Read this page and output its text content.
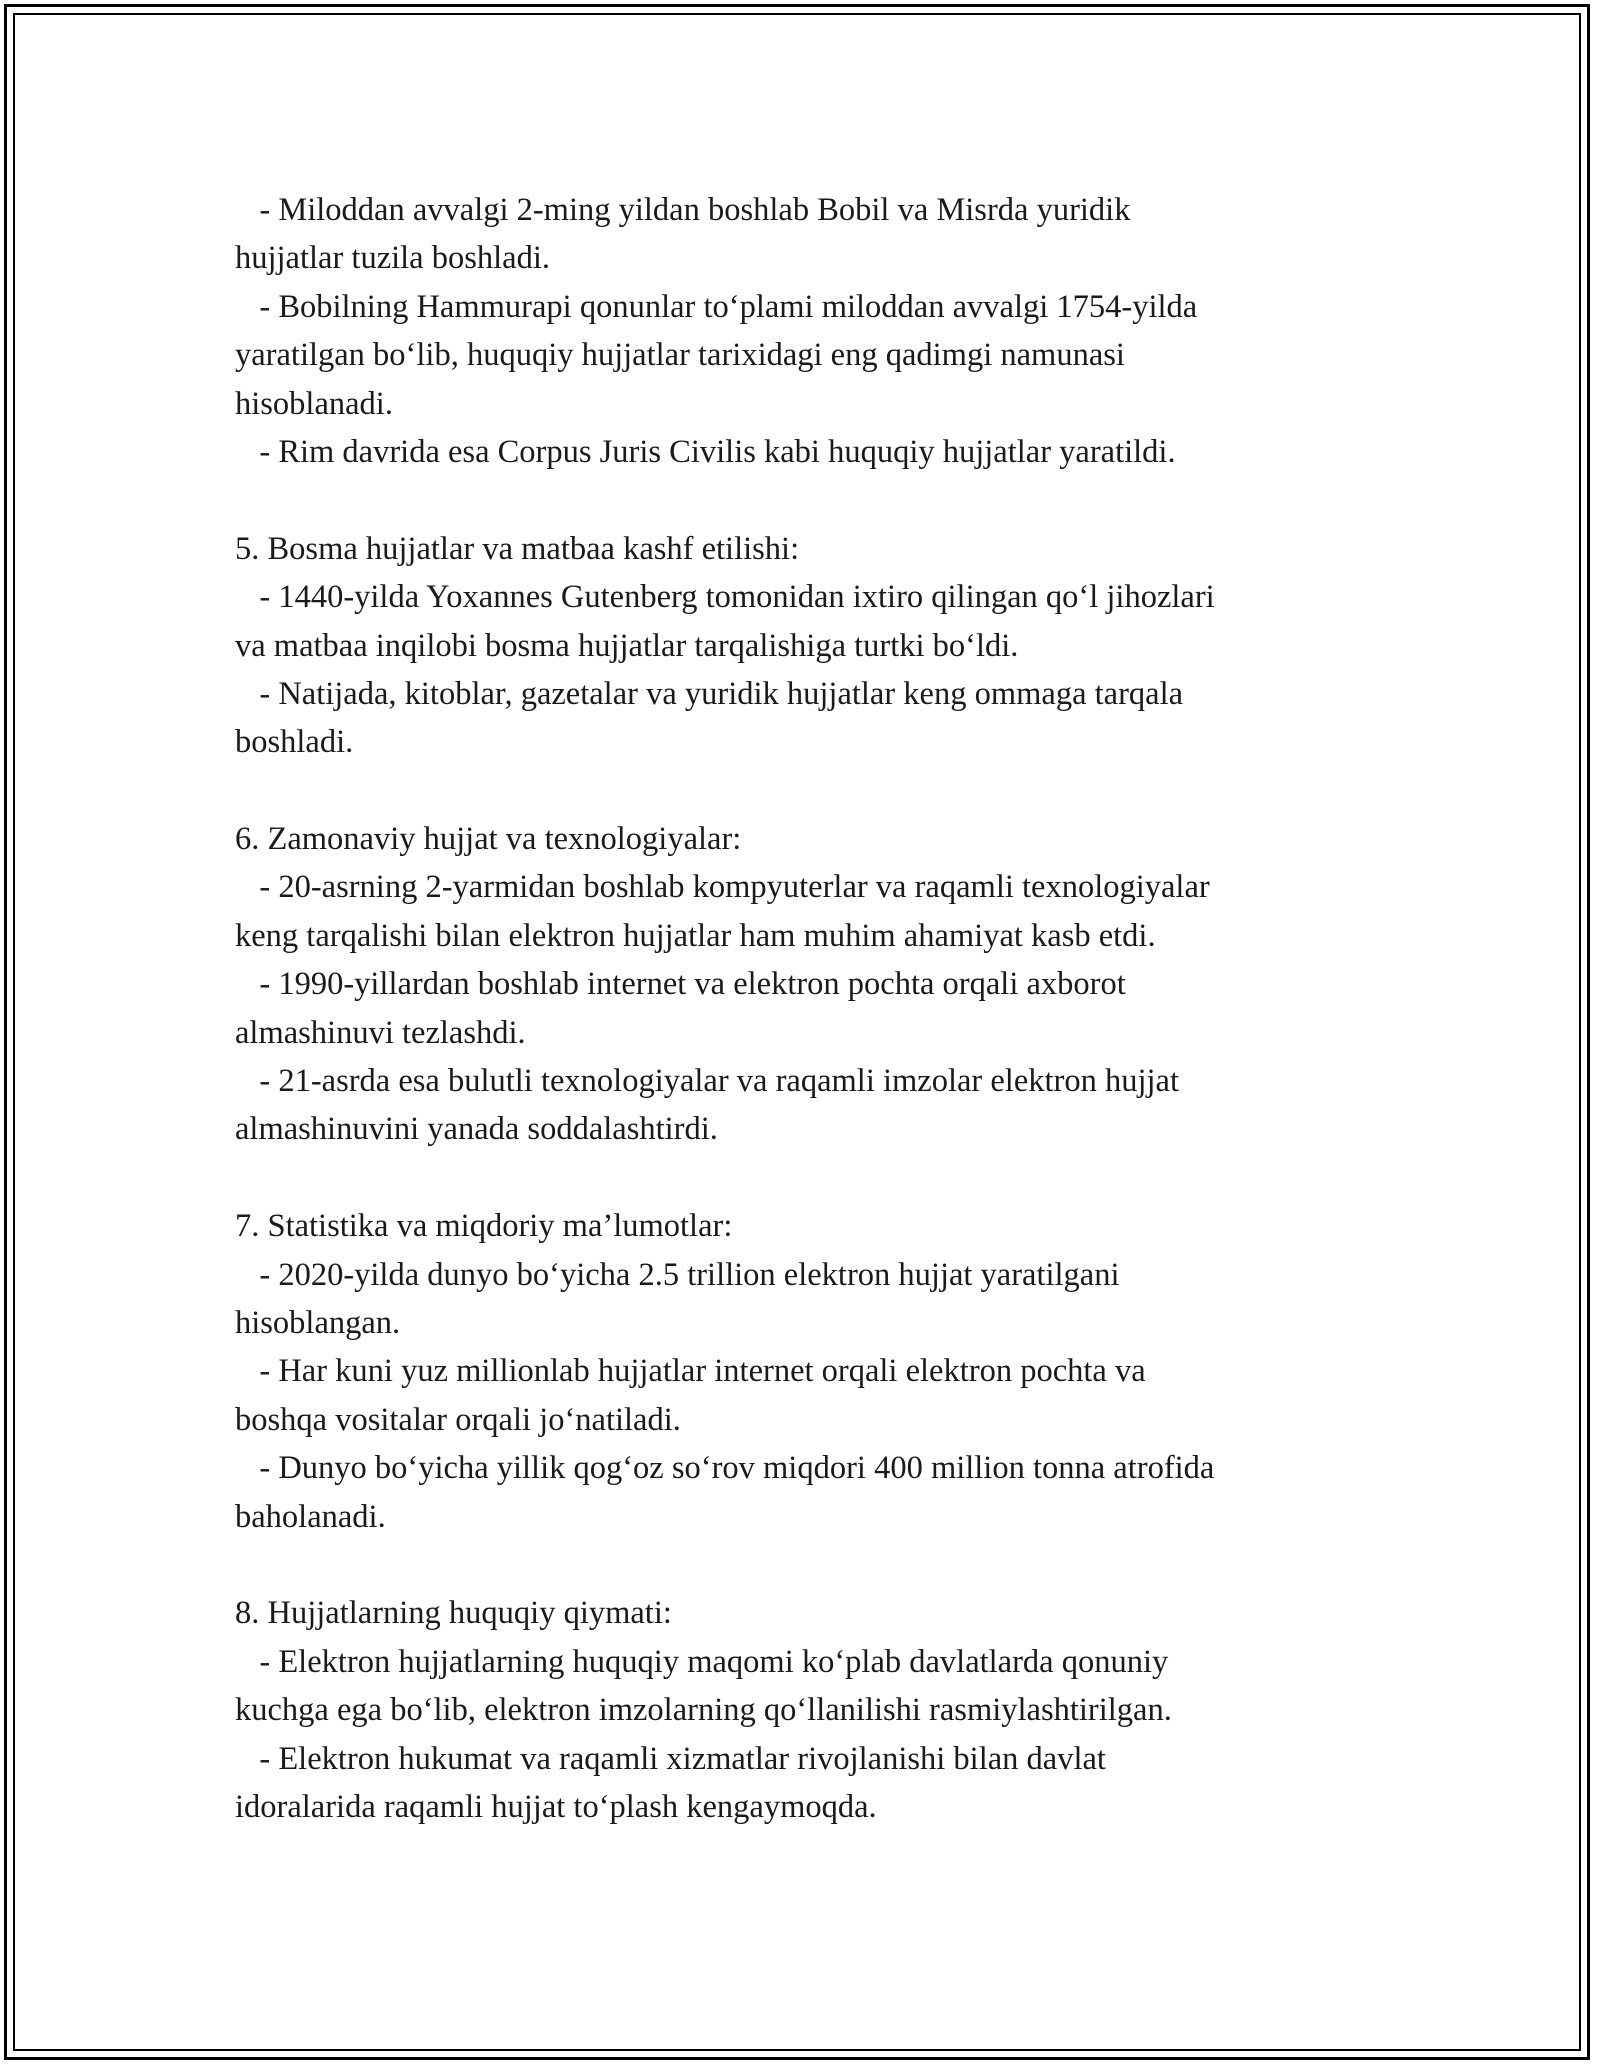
- Miloddan avvalgi 2-ming yildan boshlab Bobil va Misrda yuridik
hujjatlar tuzila boshladi.
- Bobilning Hammurapi qonunlar to‘plami miloddan avvalgi 1754-yilda
yaratilgan bo‘lib, huquqiy hujjatlar tarixidagi eng qadimgi namunasi
hisoblanadi.
- Rim davrida esa Corpus Juris Civilis kabi huquqiy hujjatlar yaratildi.
5. Bosma hujjatlar va matbaa kashf etilishi:
- 1440-yilda Yoxannes Gutenberg tomonidan ixtiro qilingan qo‘l jihozlari
va matbaa inqilobi bosma hujjatlar tarqalishiga turtki bo‘ldi.
- Natijada, kitoblar, gazetalar va yuridik hujjatlar keng ommaga tarqala
boshladi.
6. Zamonaviy hujjat va texnologiyalar:
- 20-asrning 2-yarmidan boshlab kompyuterlar va raqamli texnologiyalar
keng tarqalishi bilan elektron hujjatlar ham muhim ahamiyat kasb etdi.
- 1990-yillardan boshlab internet va elektron pochta orqali axborot
almashinuvi tezlashdi.
- 21-asrda esa bulutli texnologiyalar va raqamli imzolar elektron hujjat
almashinuvini yanada soddalashtirdi.
7. Statistika va miqdoriy ma’lumotlar:
- 2020-yilda dunyo bo‘yicha 2.5 trillion elektron hujjat yaratilgani
hisoblangan.
- Har kuni yuz millionlab hujjatlar internet orqali elektron pochta va
boshqa vositalar orqali jo‘natiladi.
- Dunyo bo‘yicha yillik qog‘oz so‘rov miqdori 400 million tonna atrofida
baholanadi.
8. Hujjatlarning huquqiy qiymati:
- Elektron hujjatlarning huquqiy maqomi ko‘plab davlatlarda qonuniy
kuchga ega bo‘lib, elektron imzolarning qo‘llanilishi rasmiylashtirilgan.
- Elektron hukumat va raqamli xizmatlar rivojlanishi bilan davlat
idoralarida raqamli hujjat to‘plash kengaymoqda.
